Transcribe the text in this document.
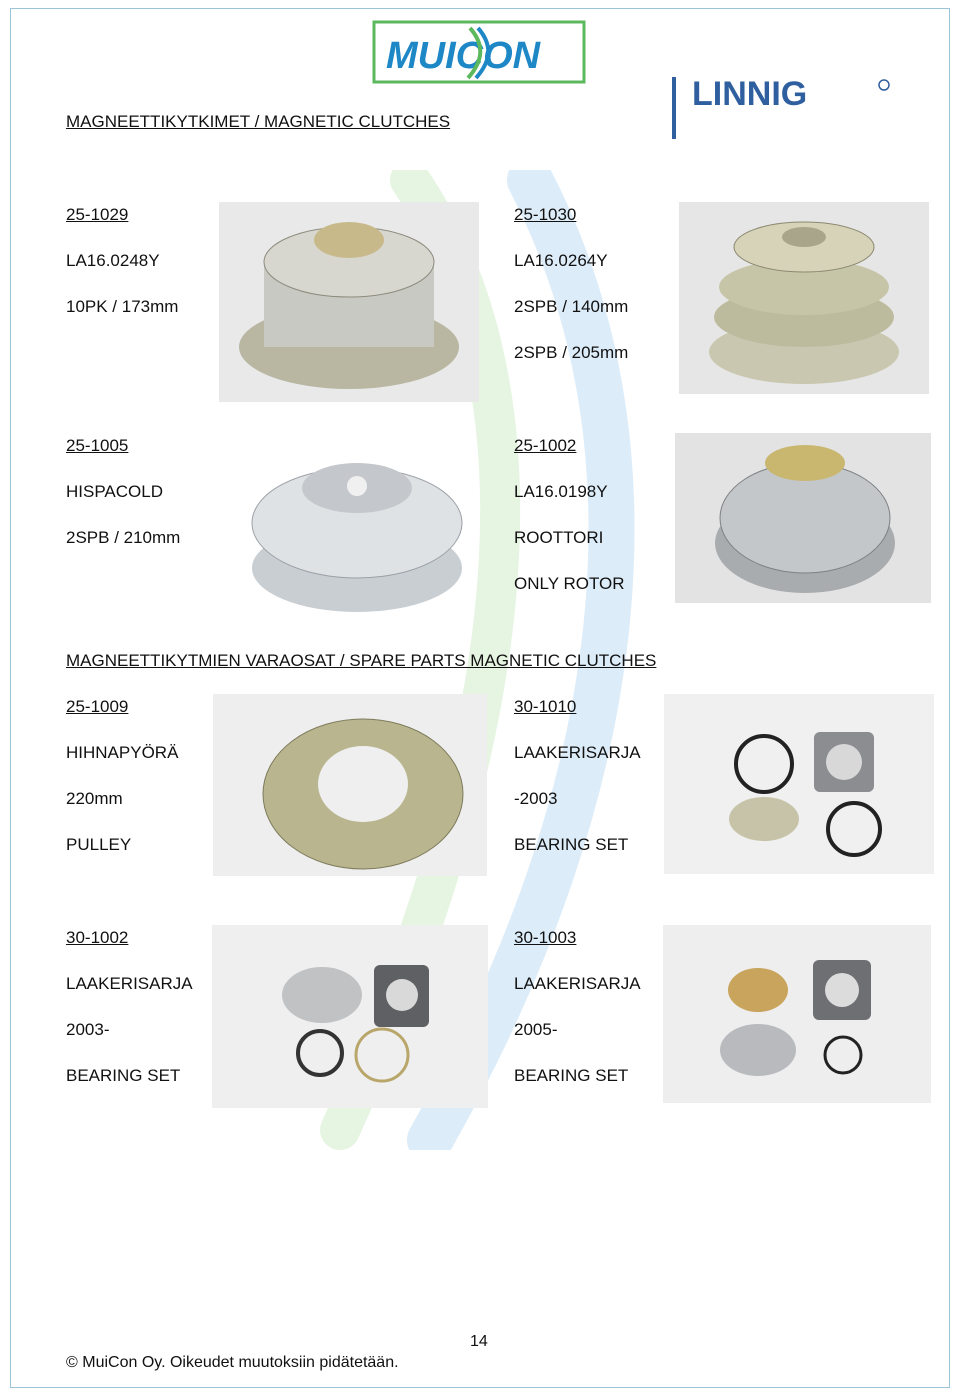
MUICON
LINNIG
MAGNEETTIKYTKIMET / MAGNETIC CLUTCHES
25-1029
LA16.0248Y
10PK / 173mm
25-1030
LA16.0264Y
2SPB / 140mm
2SPB / 205mm
25-1005
HISPACOLD
2SPB / 210mm
25-1002
LA16.0198Y
ROOTTORI
ONLY ROTOR
MAGNEETTIKYTMIEN VARAOSAT / SPARE PARTS MAGNETIC CLUTCHES
25-1009
HIHNAPYÖRÄ
220mm
PULLEY
30-1010
LAAKERISARJA
-2003
BEARING SET
30-1002
LAAKERISARJA
2003-
BEARING SET
30-1003
LAAKERISARJA
2005-
BEARING SET
14
© MuiCon Oy. Oikeudet muutoksiin pidätetään.
